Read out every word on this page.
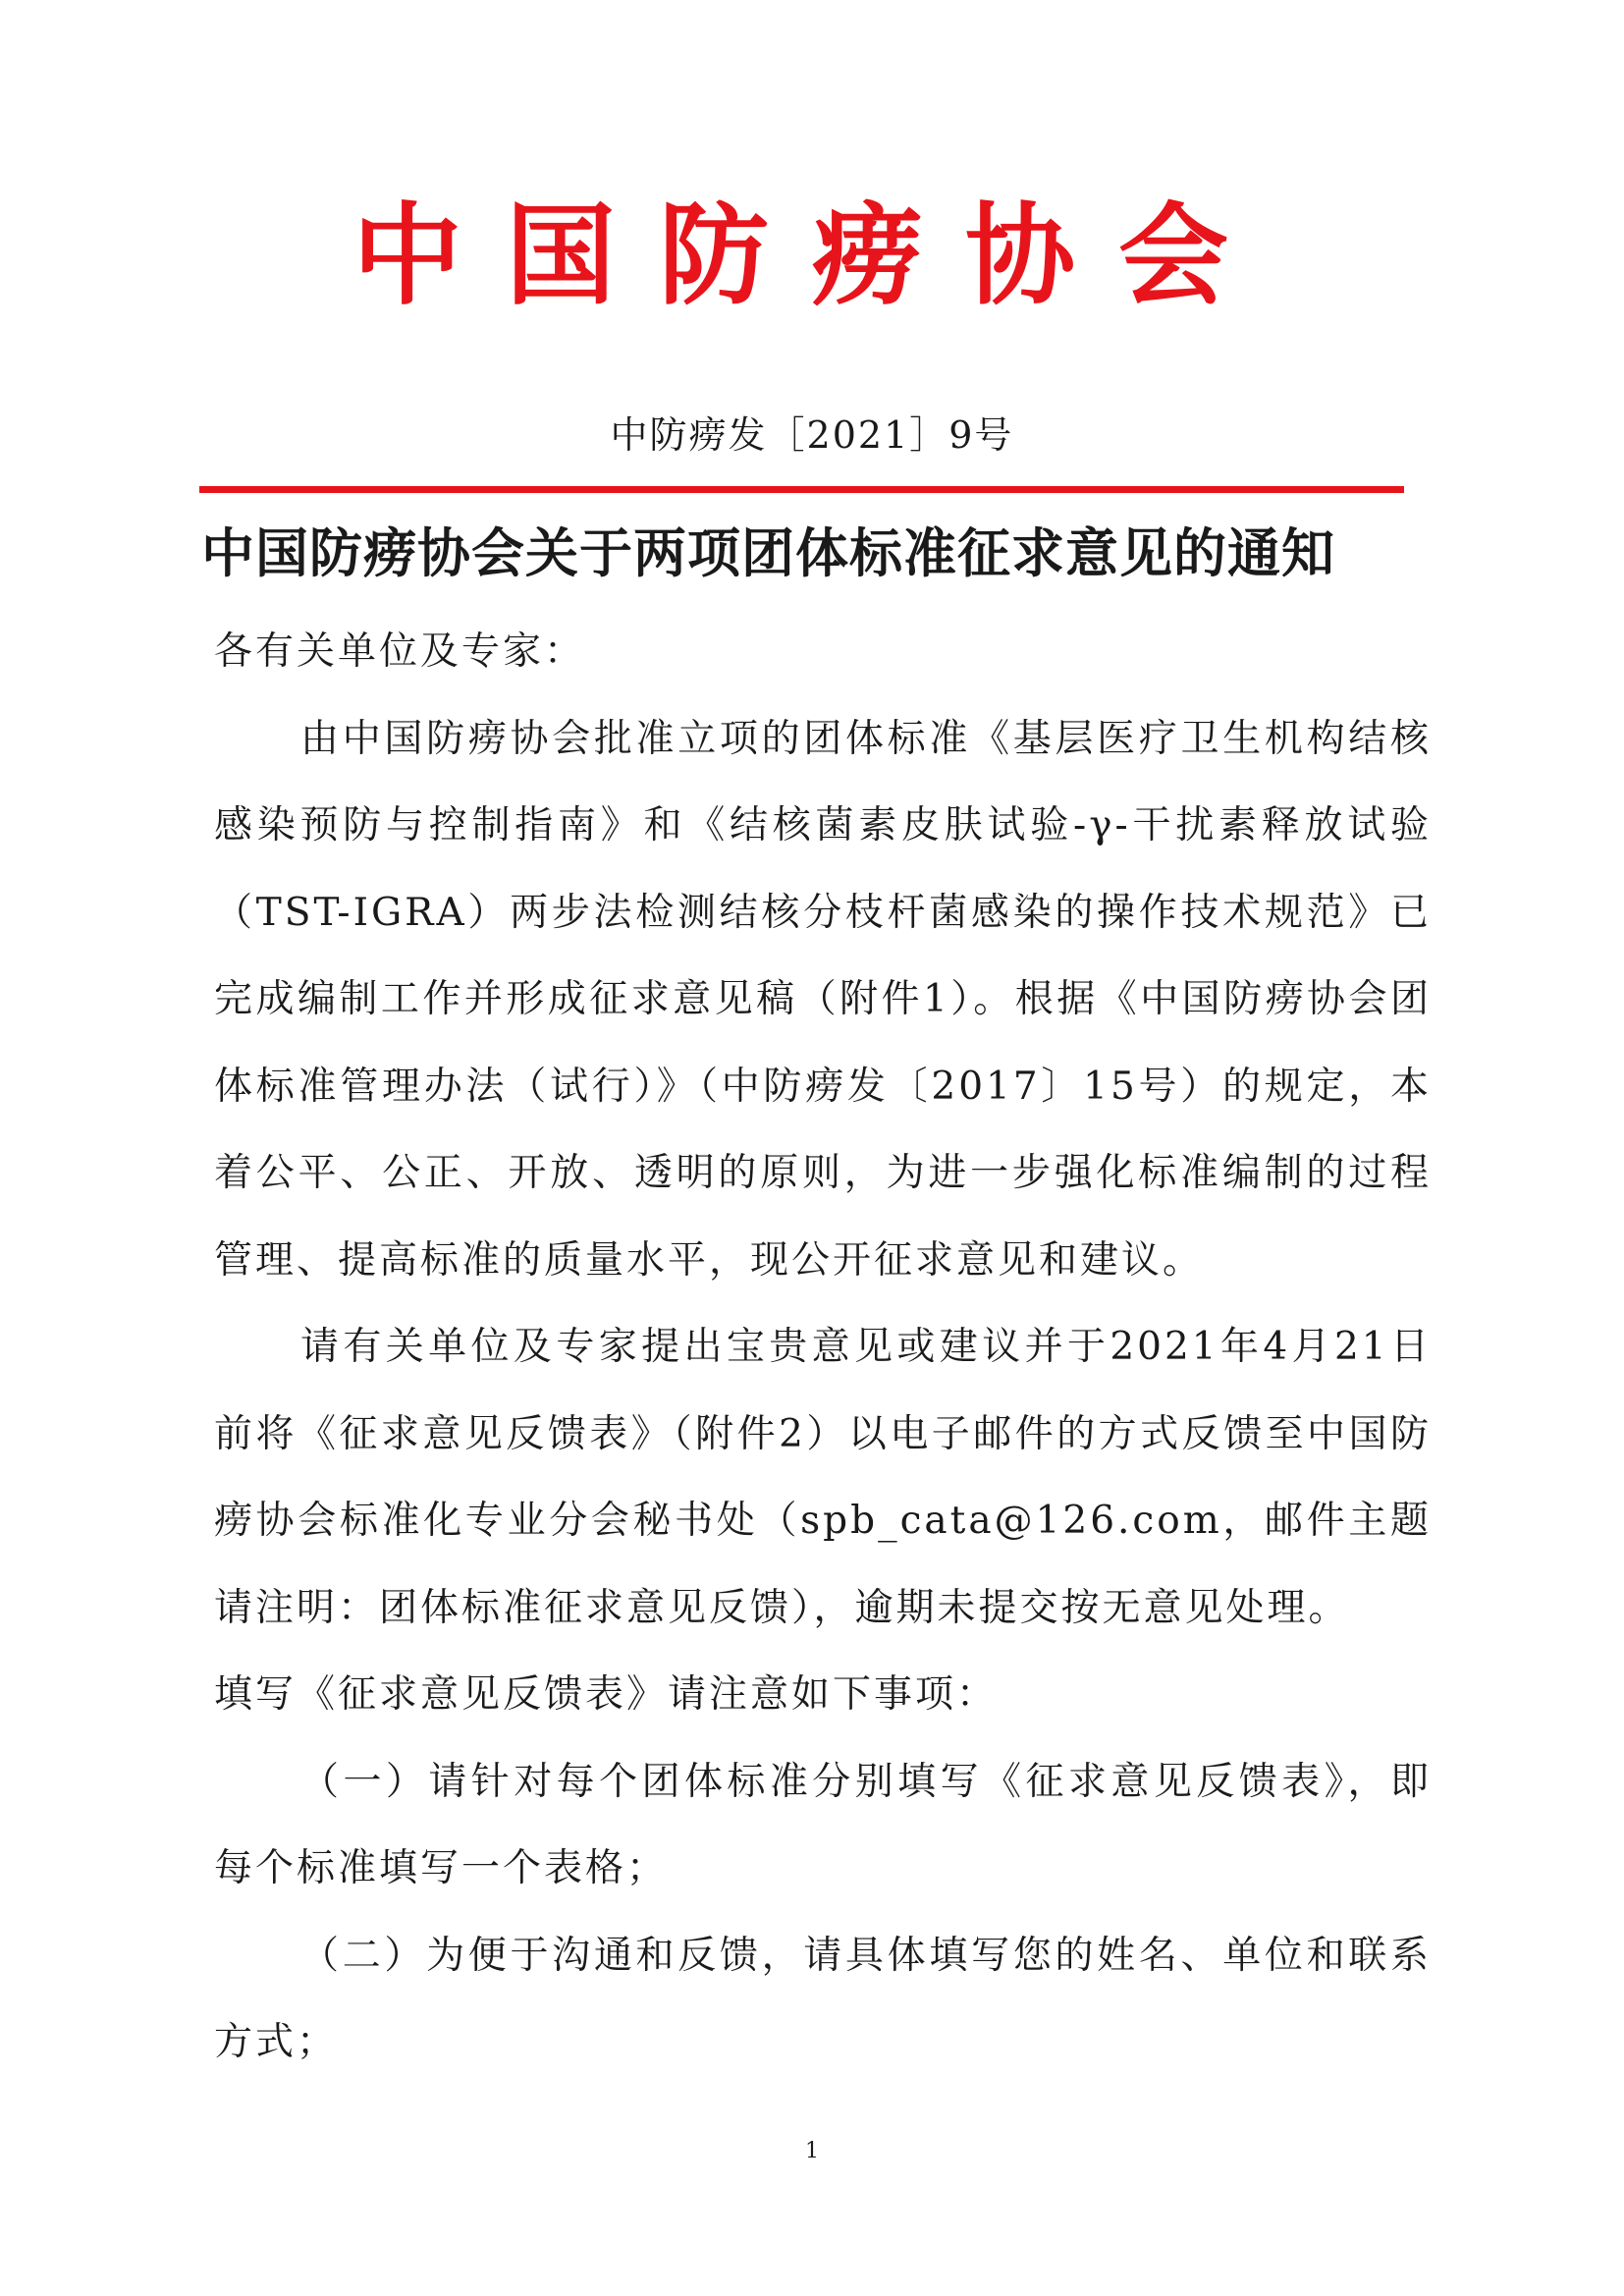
中国防痨协会
中防痨发［2021］9号
中国防痨协会关于两项团体标准征求意见的通知

各有关单位及专家：

由中国防痨协会批准立项的团体标准《基层医疗卫生机构结核感染预防与控制指南》和《结核菌素皮肤试验-γ-干扰素释放试验（TST-IGRA）两步法检测结核分枝杆菌感染的操作技术规范》已完成编制工作并形成征求意见稿（附件1）。根据《中国防痨协会团体标准管理办法（试行）》（中防痨发〔2017〕15号）的规定，本着公平、公正、开放、透明的原则，为进一步强化标准编制的过程管理、提高标准的质量水平，现公开征求意见和建议。

请有关单位及专家提出宝贵意见或建议并于2021年4月21日前将《征求意见反馈表》（附件2）以电子邮件的方式反馈至中国防痨协会标准化专业分会秘书处（spb_cata@126.com，邮件主题请注明：团体标准征求意见反馈），逾期未提交按无意见处理。

填写《征求意见反馈表》请注意如下事项：

（一）请针对每个团体标准分别填写《征求意见反馈表》，即每个标准填写一个表格；

（二）为便于沟通和反馈，请具体填写您的姓名、单位和联系方式；

1
